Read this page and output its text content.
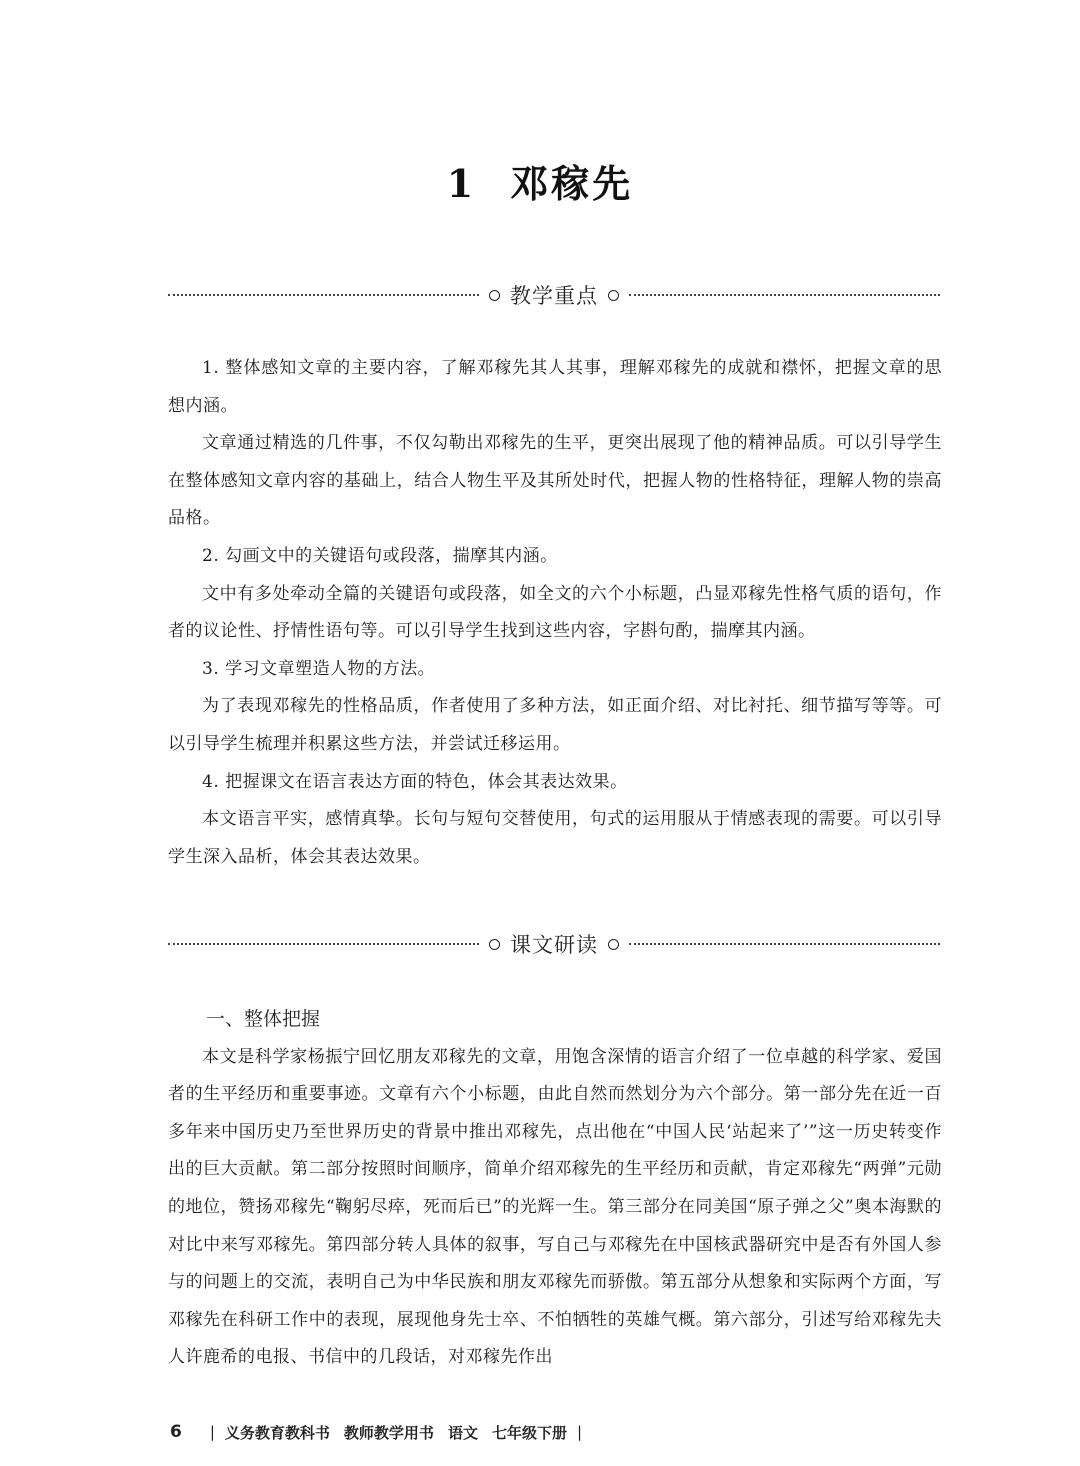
1 邓稼先
教学重点

1. 整体感知文章的主要内容，了解邓稼先其人其事，理解邓稼先的成就和襟怀，把握文章的思想内涵。

文章通过精选的几件事，不仅勾勒出邓稼先的生平，更突出展现了他的精神品质。可以引导学生在整体感知文章内容的基础上，结合人物生平及其所处时代，把握人物的性格特征，理解人物的崇高品格。

2. 勾画文中的关键语句或段落，揣摩其内涵。

文中有多处牵动全篇的关键语句或段落，如全文的六个小标题，凸显邓稼先性格气质的语句，作者的议论性、抒情性语句等。可以引导学生找到这些内容，字斟句酌，揣摩其内涵。

3. 学习文章塑造人物的方法。

为了表现邓稼先的性格品质，作者使用了多种方法，如正面介绍、对比衬托、细节描写等等。可以引导学生梳理并积累这些方法，并尝试迁移运用。

4. 把握课文在语言表达方面的特色，体会其表达效果。

本文语言平实，感情真挚。长句与短句交替使用，句式的运用服从于情感表现的需要。可以引导学生深入品析，体会其表达效果。

课文研读

一、整体把握

本文是科学家杨振宁回忆朋友邓稼先的文章，用饱含深情的语言介绍了一位卓越的科学家、爱国者的生平经历和重要事迹。文章有六个小标题，由此自然而然划分为六个部分。第一部分先在近一百多年来中国历史乃至世界历史的背景中推出邓稼先，点出他在“中国人民‘站起来了’”这一历史转变作出的巨大贡献。第二部分按照时间顺序，简单介绍邓稼先的生平经历和贡献，肯定邓稼先“两弹”元勋的地位，赞扬邓稼先“鞠躬尽瘁，死而后已”的光辉一生。第三部分在同美国“原子弹之父”奥本海默的对比中来写邓稼先。第四部分转人具体的叙事，写自己与邓稼先在中国核武器研究中是否有外国人参与的问题上的交流，表明自己为中华民族和朋友邓稼先而骄傲。第五部分从想象和实际两个方面，写邓稼先在科研工作中的表现，展现他身先士卒、不怕牺牲的英雄气概。第六部分，引述写给邓稼先夫人许鹿希的电报、书信中的几段话，对邓稼先作出

6 | 义务教育教科书 教师教学用书 语文 七年级下册 |
